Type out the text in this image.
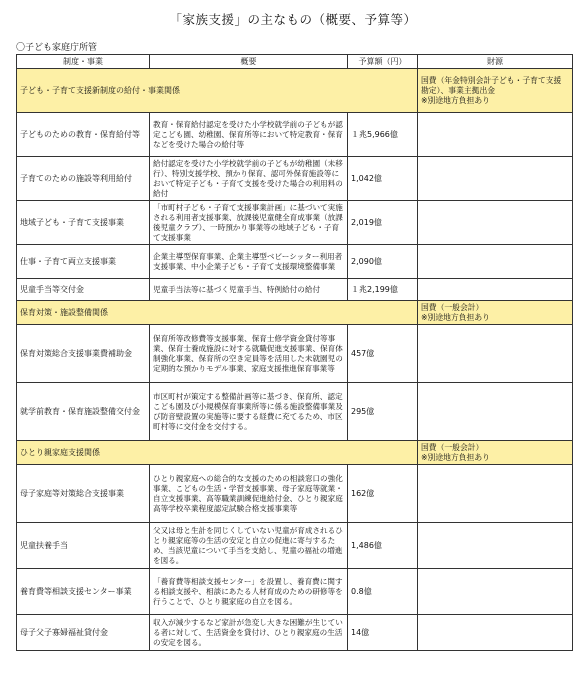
「家族支援」の主なもの（概要、予算等）
〇子ども家庭庁所管
制度・事業	概要	予算額（円）	財源
子ども・子育て支援新制度の給付・事業関係			国費（年金特別会計子ども・子育て支援勘定）、事業主拠出金
※別途地方負担あり
子どものための教育・保育給付等	教育・保育給付認定を受けた小学校就学前の子どもが認定こども園、幼稚園、保育所等において特定教育・保育などを受けた場合の給付等	１兆5,966億	
子育てのための施設等利用給付	給付認定を受けた小学校就学前の子どもが幼稚園（未移行）、特別支援学校、預かり保育、認可外保育施設等において特定子ども・子育て支援を受けた場合の利用料の給付	1,042億	
地域子ども・子育て支援事業	「市町村子ども・子育て支援事業計画」に基づいて実施される利用者支援事業、放課後児童健全育成事業（放課後児童クラブ）、一時預かり事業等の地域子ども・子育て支援事業	2,019億	
仕事・子育て両立支援事業	企業主導型保育事業、企業主導型ベビーシッター利用者支援事業、中小企業子ども・子育て支援環境整備事業	2,090億	
児童手当等交付金	児童手当法等に基づく児童手当、特例給付の給付	１兆2,199億	
保育対策・施設整備関係			国費（一般会計）
※別途地方負担あり
保育対策総合支援事業費補助金	保育所等改修費等支援事業、保育士修学資金貸付等事業、保育士養成施設に対する就職促進支援事業、保育体制強化事業、保育所の空き定員等を活用した未就園児の定期的な預かりモデル事業、家庭支援推進保育事業等	457億	
就学前教育・保育施設整備交付金	市区町村が策定する整備計画等に基づき、保育所、認定こども園及び小規模保育事業所等に係る施設整備事業及び防音壁設置の実施等に要する経費に充てるため、市区町村等に交付金を交付する。	295億	
ひとり親家庭支援関係			国費（一般会計）
※別途地方負担あり
母子家庭等対策総合支援事業	ひとり親家庭への総合的な支援のための相談窓口の強化事業、こどもの生活・学習支援事業、母子家庭等就業・自立支援事業、高等職業訓練促進給付金、ひとり親家庭高等学校卒業程度認定試験合格支援事業等	162億	
児童扶養手当	父又は母と生計を同じくしていない児童が育成されるひとり親家庭等の生活の安定と自立の促進に寄与するため、当該児童について手当を支給し、児童の福祉の増進を図る。	1,486億	
養育費等相談支援センター事業	「養育費等相談支援センター」を設置し、養育費に関する相談支援や、相談にあたる人材育成のための研修等を行うことで、ひとり親家庭の自立を図る。	0.8億	
母子父子寡婦福祉貸付金	収入が減少するなど家計が急変し大きな困難が生じている者に対して、生活資金を貸付け、ひとり親家庭の生活の安定を図る。	14億	
